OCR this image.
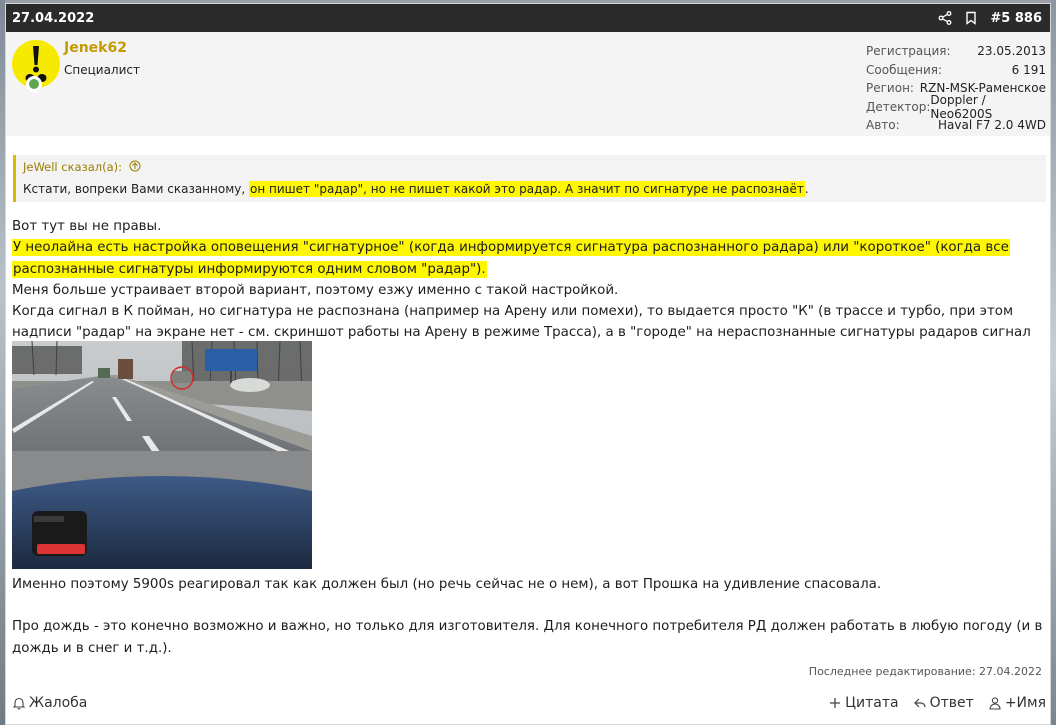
27.04.2022	#5 886
Jenek62
Специалист
Регистрация: 23.05.2013
Сообщения:	6 191
Регион: RZN-MSK-Раменское
Детектор: Doppler / Neo6200S
Авто:	Haval F7 2.0 4WD
JeWell сказал(а):
Кстати, вопреки Вами сказанному, он пишет "радар", но не пишет какой это радар. А значит по сигнатуре не распознаёт.

Вот тут вы не правы.

У неолайна есть настройка оповещения "сигнатурное" (когда информируется сигнатура распознанного радара) или "короткое" (когда все
распознанные сигнатуры информируются одним словом "радар").

Меня больше устраивает второй вариант, поэтому езжу именно с такой настройкой.

Когда сигнал в К пойман, но сигнатура не распознана (например на Арену или помехи), то выдается просто "К" (в трассе и турбо, при этом надписи "радар" на экране нет - см. скриншот работы на Арену в режиме Трасса), а в "городе" на нераспознанные сигнатуры радаров сигнал

Именно поэтому 5900s реагировал так как должен был (но речь сейчас не о нем), а вот Прошка на удивление спасовала.

Про дождь - это конечно возможно и важно, но только для изготовителя. Для конечного потребителя РД должен работать в любую погоду (и в дождь и в снег и т.д.).

Последнее редактирование: 27.04.2022
Жалоба	Цитата Ответ +Имя
